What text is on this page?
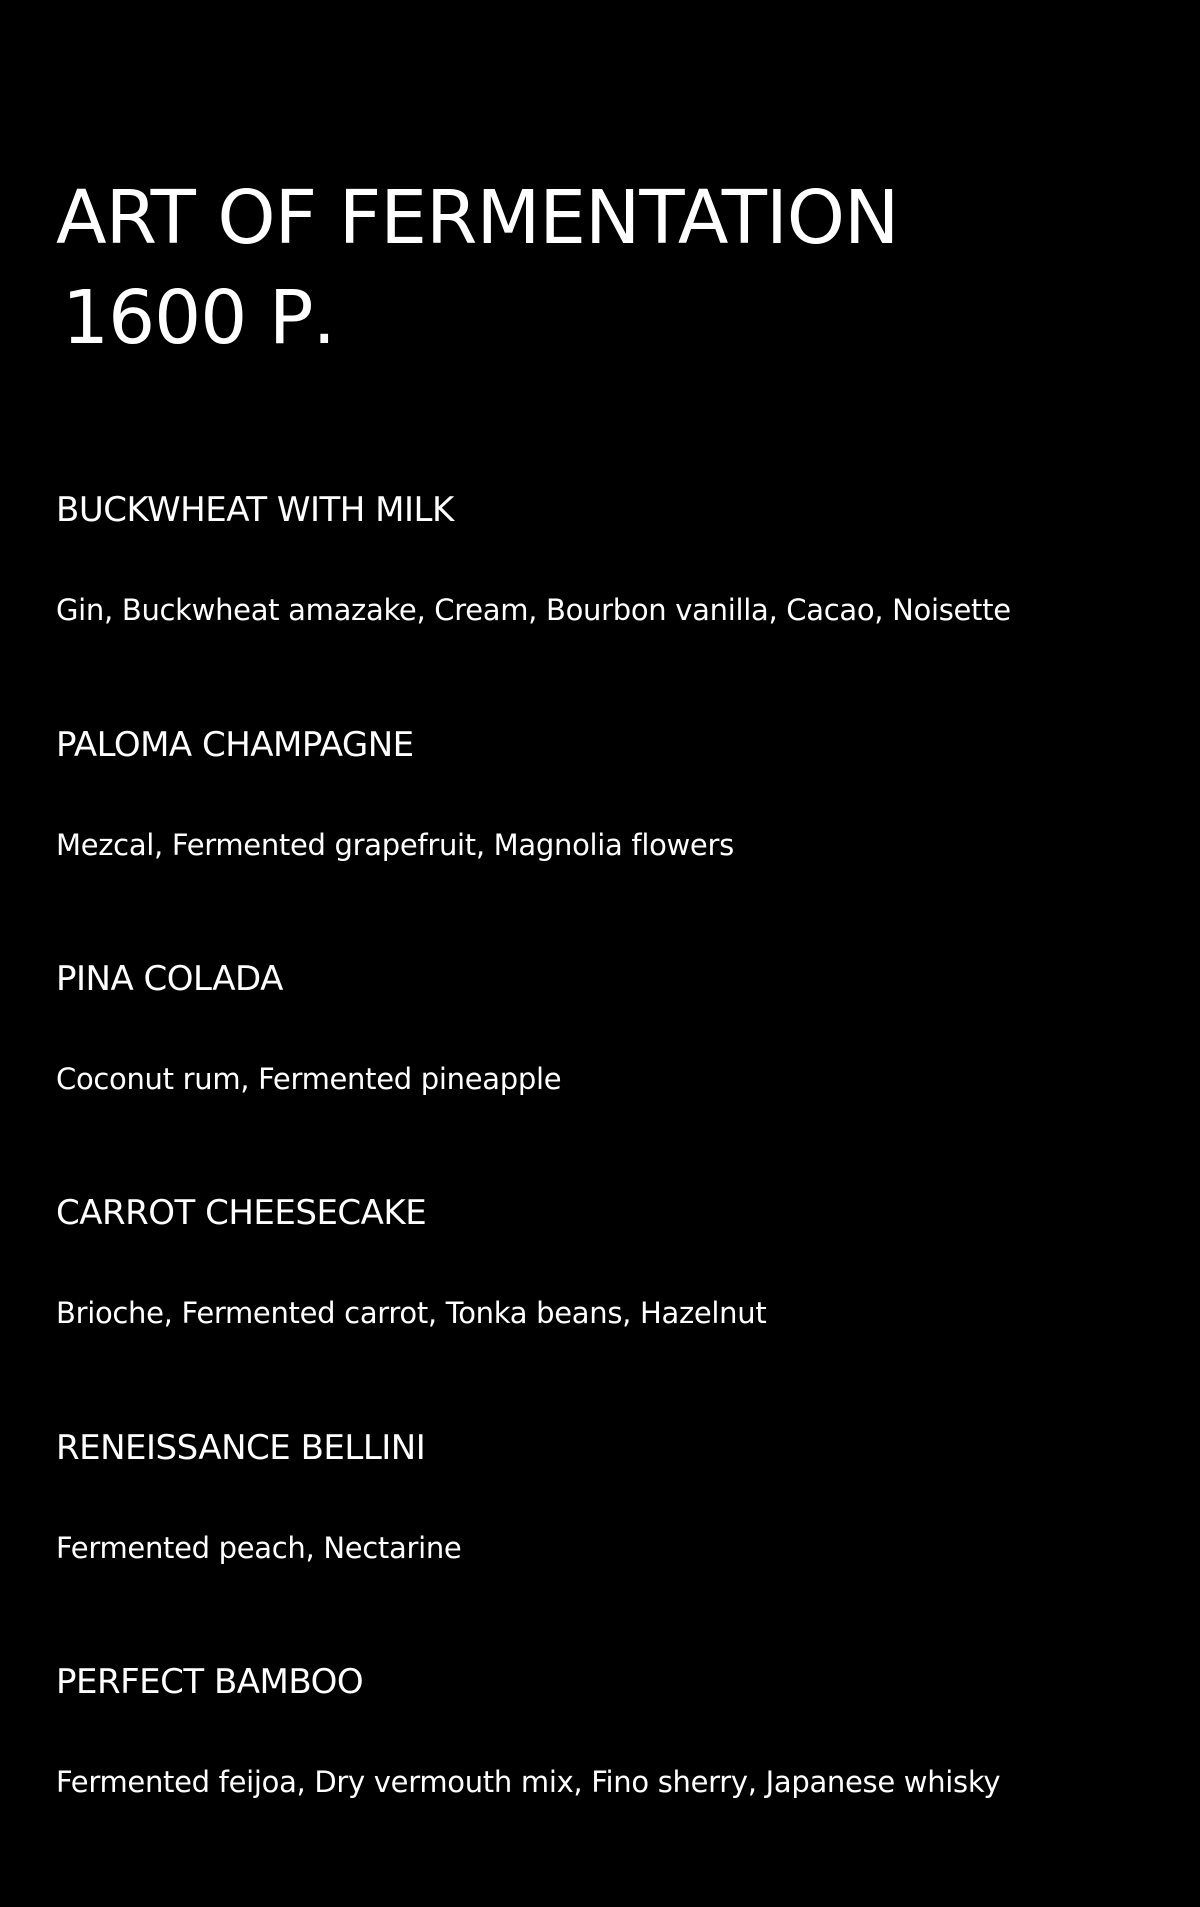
ART OF FERMENTATION
1600 Р.
BUCKWHEAT WITH MILK

Gin, Buckwheat amazake, Cream, Bourbon vanilla, Cacao, Noisette

PALOMA CHAMPAGNE

Mezcal, Fermented grapefruit, Magnolia flowers

PINA COLADA

Coconut rum, Fermented pineapple

CARROT CHEESECAKE

Brioche, Fermented carrot, Tonka beans, Hazelnut

RENEISSANCE BELLINI

Fermented peach, Nectarine

PERFECT BAMBOO

Fermented feijoa, Dry vermouth mix, Fino sherry, Japanese whisky
